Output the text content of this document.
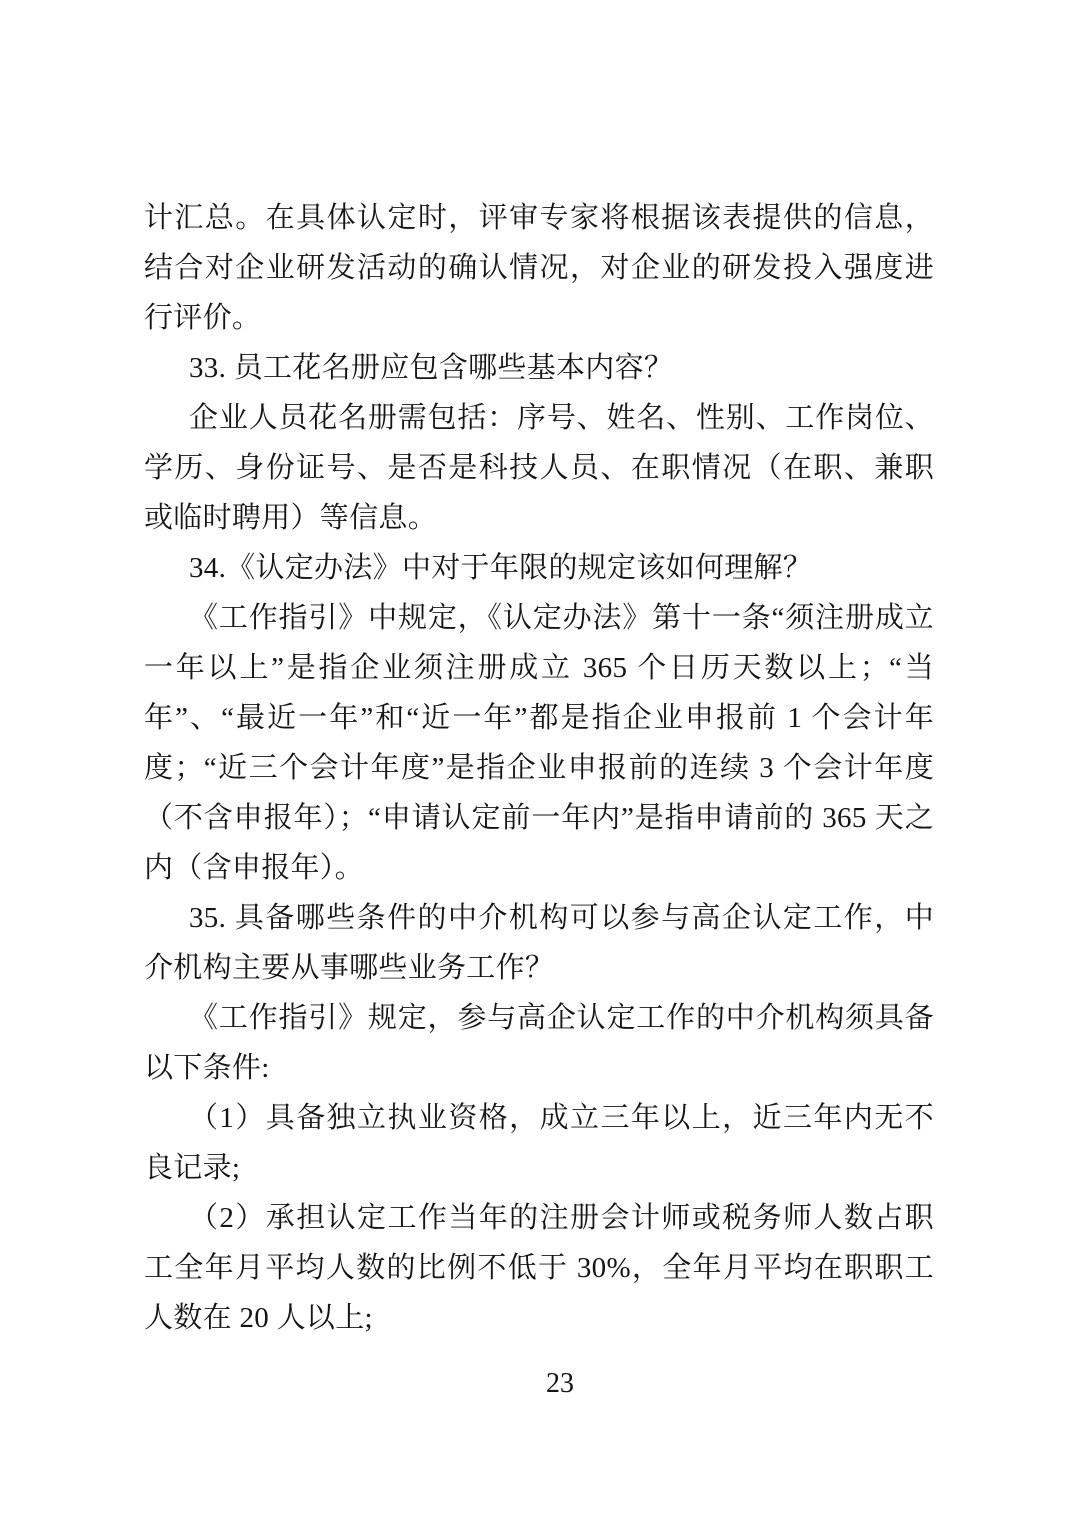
计汇总。在具体认定时，评审专家将根据该表提供的信息，结合对企业研发活动的确认情况，对企业的研发投入强度进行评价。

33. 员工花名册应包含哪些基本内容？

企业人员花名册需包括：序号、姓名、性别、工作岗位、学历、身份证号、是否是科技人员、在职情况（在职、兼职或临时聘用）等信息。

34.《认定办法》中对于年限的规定该如何理解？

《工作指引》中规定，《认定办法》第十一条“须注册成立一年以上”是指企业须注册成立 365 个日历天数以上；“当年”、“最近一年”和“近一年”都是指企业申报前 1 个会计年度；“近三个会计年度”是指企业申报前的连续 3 个会计年度（不含申报年）；“申请认定前一年内”是指申请前的 365 天之内（含申报年）。

35. 具备哪些条件的中介机构可以参与高企认定工作，中介机构主要从事哪些业务工作？

《工作指引》规定，参与高企认定工作的中介机构须具备以下条件:

（1）具备独立执业资格，成立三年以上，近三年内无不良记录;

（2）承担认定工作当年的注册会计师或税务师人数占职工全年月平均人数的比例不低于 30%，全年月平均在职职工人数在 20 人以上;

23
